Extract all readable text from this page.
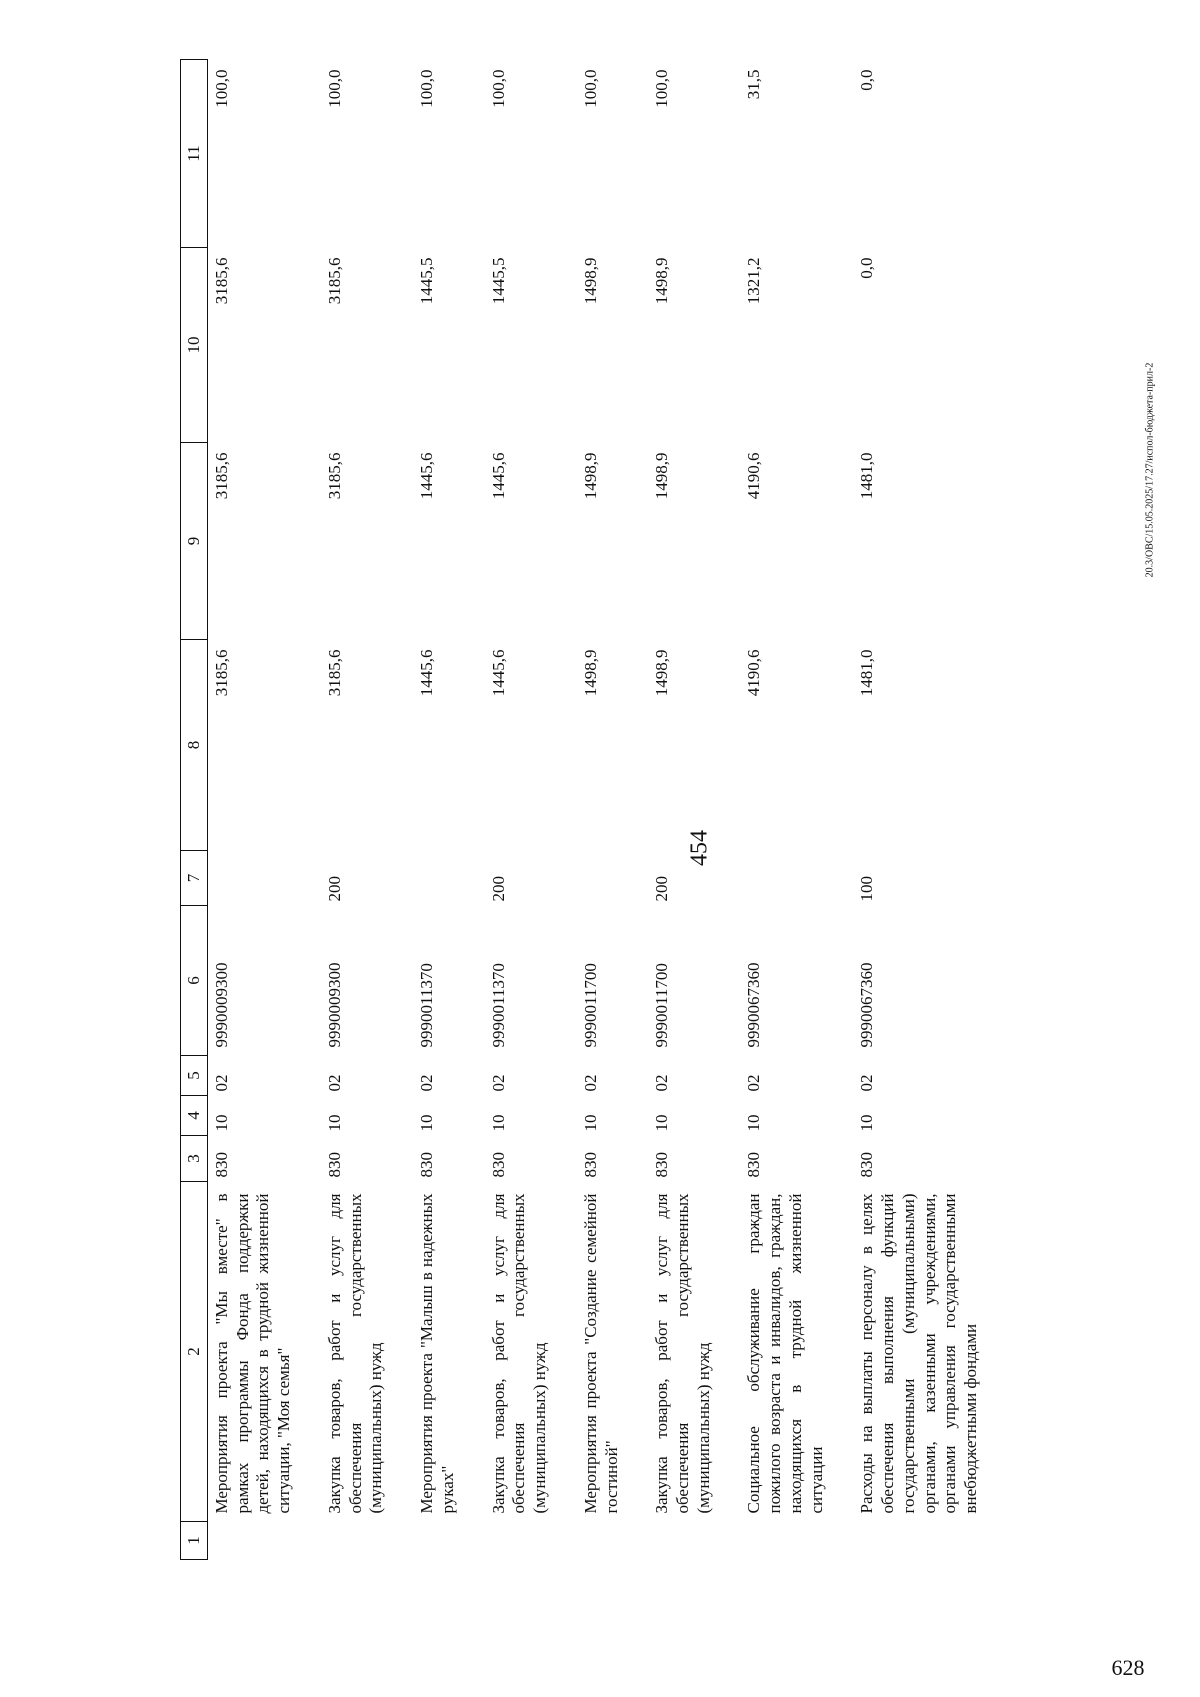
454
628
20.3/ОВС/15.05.2025/17.27/испол-бюджета-прил-2
1	2	3	4	5	6	7	8	9	10	11
	Мероприятия проекта "Мы вместе" в рамках программы Фонда поддержки детей, находящихся в трудной жизненной ситуации, "Моя семья"	830	10	02	9990009300		3185,6	3185,6	3185,6	100,0
	Закупка товаров, работ и услуг для обеспечения государственных (муниципальных) нужд	830	10	02	9990009300	200	3185,6	3185,6	3185,6	100,0
	Мероприятия проекта "Малыш в надежных руках"	830	10	02	9990011370		1445,6	1445,6	1445,5	100,0
	Закупка товаров, работ и услуг для обеспечения государственных (муниципальных) нужд	830	10	02	9990011370	200	1445,6	1445,6	1445,5	100,0
	Мероприятия проекта "Создание семейной гостиной"	830	10	02	9990011700		1498,9	1498,9	1498,9	100,0
	Закупка товаров, работ и услуг для обеспечения государственных (муниципальных) нужд	830	10	02	9990011700	200	1498,9	1498,9	1498,9	100,0
	Социальное обслуживание граждан пожилого возраста и инвалидов, граждан, находящихся в трудной жизненной ситуации	830	10	02	9990067360		4190,6	4190,6	1321,2	31,5
	Расходы на выплаты персоналу в целях обеспечения выполнения функций государственными (муниципальными) органами, казенными учреждениями, органами управления государственными внебюджетными фондами	830	10	02	9990067360	100	1481,0	1481,0	0,0	0,0
